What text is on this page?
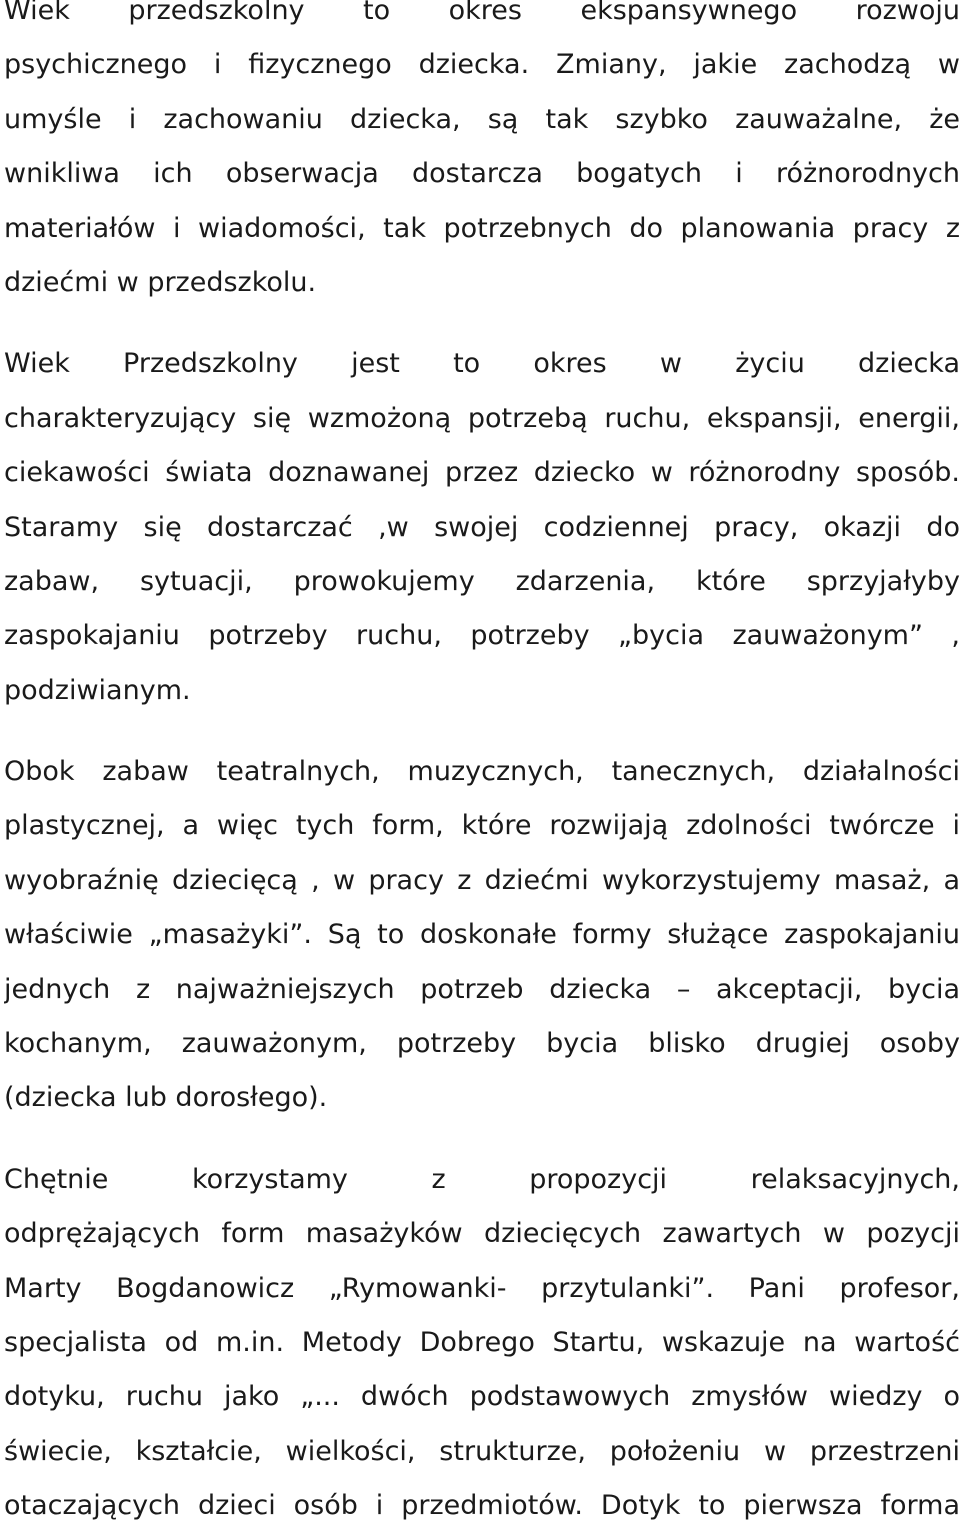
Wiek przedszkolny to okres ekspansywnego rozwoju
psychicznego i fizycznego dziecka. Zmiany, jakie zachodzą w
umyśle i zachowaniu dziecka, są tak szybko zauważalne, że
wnikliwa ich obserwacja dostarcza bogatych i różnorodnych
materiałów i wiadomości, tak potrzebnych do planowania pracy z
dziećmi w przedszkolu.
Wiek Przedszkolny jest to okres w życiu dziecka
charakteryzujący się wzmożoną potrzebą ruchu, ekspansji, energii,
ciekawości świata doznawanej przez dziecko w różnorodny sposób.
Staramy się dostarczać ,w swojej codziennej pracy, okazji do
zabaw, sytuacji, prowokujemy zdarzenia, które sprzyjałyby
zaspokajaniu potrzeby ruchu, potrzeby „bycia zauważonym” ,
podziwianym.
Obok zabaw teatralnych, muzycznych, tanecznych, działalności
plastycznej, a więc tych form, które rozwijają zdolności twórcze i
wyobraźnię dziecięcą , w pracy z dziećmi wykorzystujemy masaż, a
właściwie „masażyki”. Są to doskonałe formy służące zaspokajaniu
jednych z najważniejszych potrzeb dziecka – akceptacji, bycia
kochanym, zauważonym, potrzeby bycia blisko drugiej osoby
(dziecka lub dorosłego).
Chętnie korzystamy z propozycji relaksacyjnych,
odprężających form masażyków dziecięcych zawartych w pozycji
Marty Bogdanowicz „Rymowanki- przytulanki”. Pani profesor,
specjalista od m.in. Metody Dobrego Startu, wskazuje na wartość
dotyku, ruchu jako „... dwóch podstawowych zmysłów wiedzy o
świecie, kształcie, wielkości, strukturze, położeniu w przestrzeni
otaczających dzieci osób i przedmiotów. Dotyk to pierwsza forma
